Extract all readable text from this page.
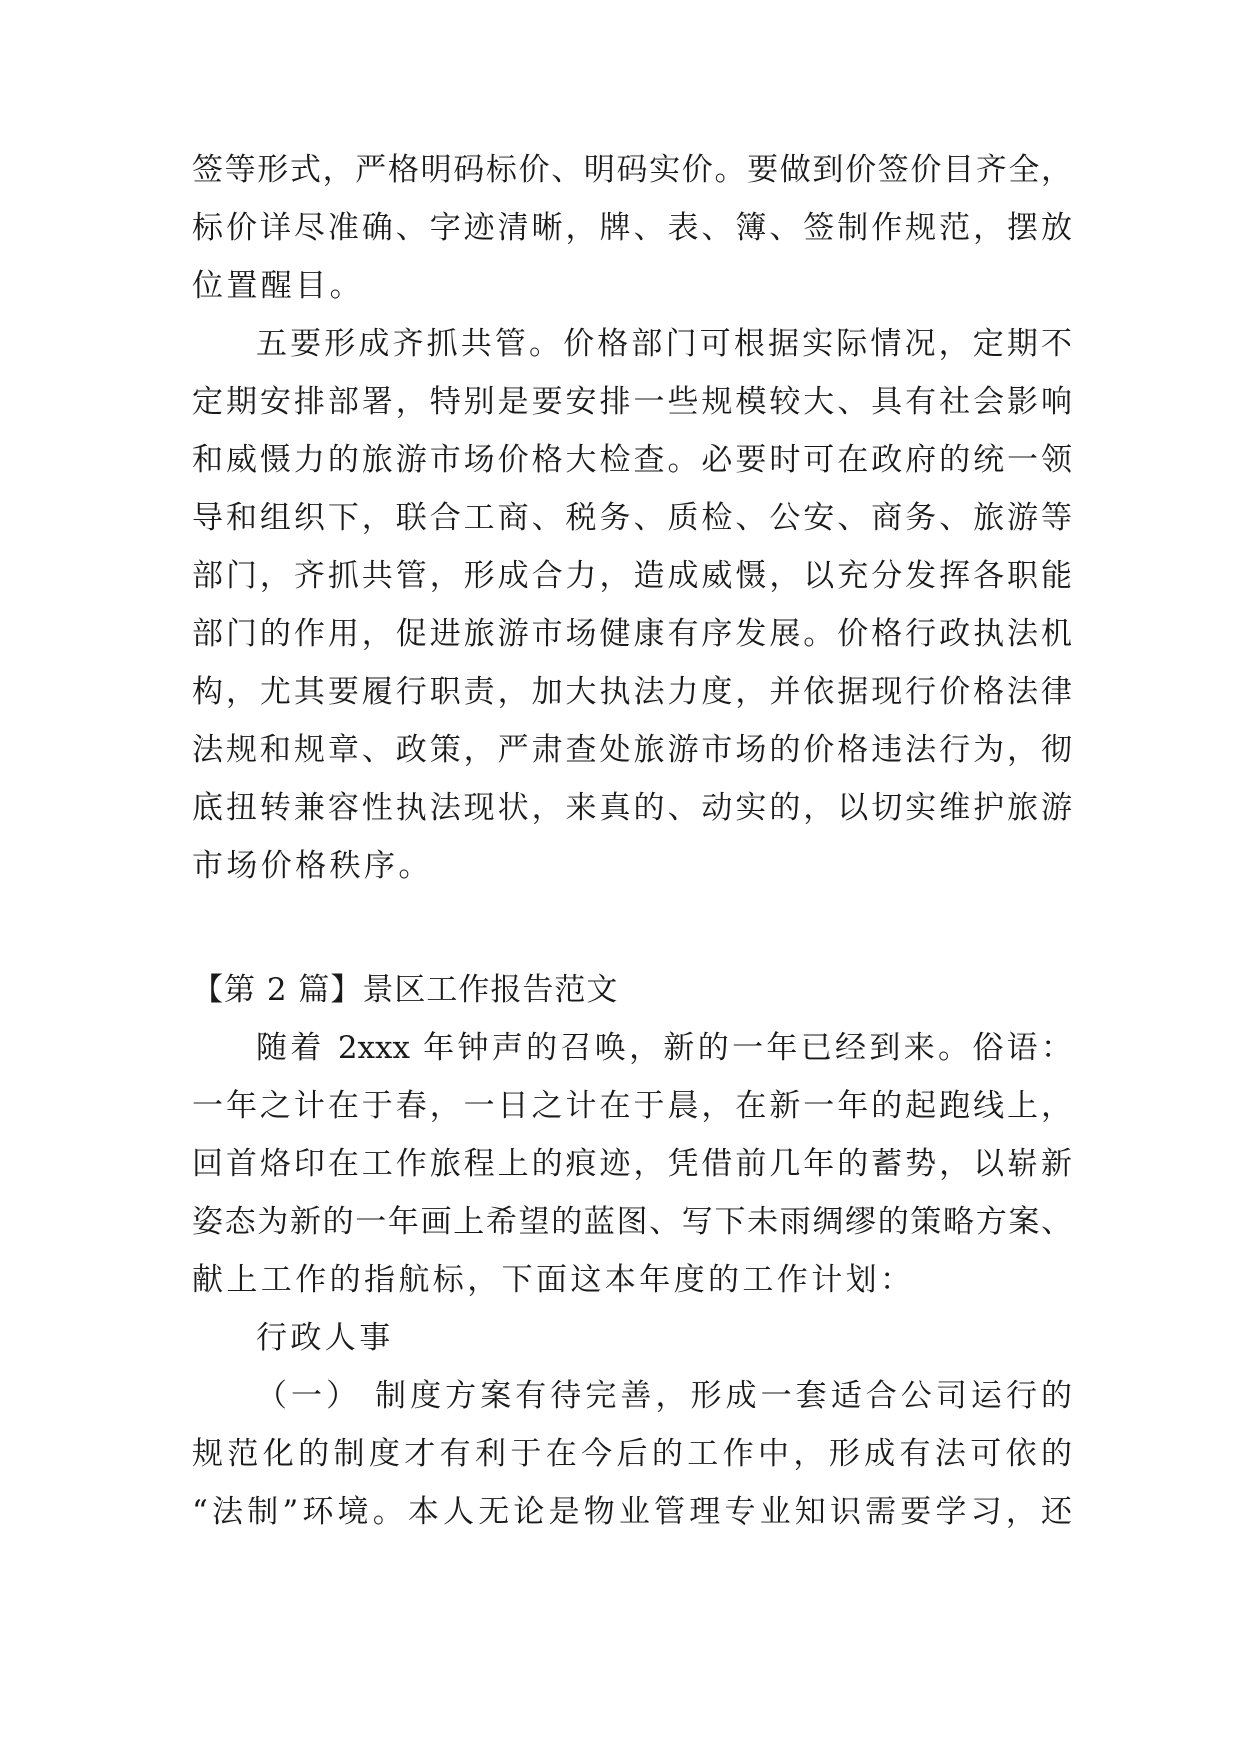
签等形式，严格明码标价、明码实价。要做到价签价目齐全，
标价详尽准确、字迹清晰，牌、表、簿、签制作规范，摆放
位置醒目。
五要形成齐抓共管。价格部门可根据实际情况，定期不
定期安排部署，特别是要安排一些规模较大、具有社会影响
和威慑力的旅游市场价格大检查。必要时可在政府的统一领
导和组织下，联合工商、税务、质检、公安、商务、旅游等
部门，齐抓共管，形成合力，造成威慑，以充分发挥各职能
部门的作用，促进旅游市场健康有序发展。价格行政执法机
构，尤其要履行职责，加大执法力度，并依据现行价格法律
法规和规章、政策，严肃查处旅游市场的价格违法行为，彻
底扭转兼容性执法现状，来真的、动实的，以切实维护旅游
市场价格秩序。
【第 2 篇】景区工作报告范文
随着 2xxx 年钟声的召唤，新的一年已经到来。俗语：
一年之计在于春，一日之计在于晨，在新一年的起跑线上，
回首烙印在工作旅程上的痕迹，凭借前几年的蓄势，以崭新
姿态为新的一年画上希望的蓝图、写下未雨绸缪的策略方案、
献上工作的指航标，下面这本年度的工作计划：
行政人事
（一） 制度方案有待完善，形成一套适合公司运行的
规范化的制度才有利于在今后的工作中，形成有法可依的
“法制”环境。本人无论是物业管理专业知识需要学习，还
